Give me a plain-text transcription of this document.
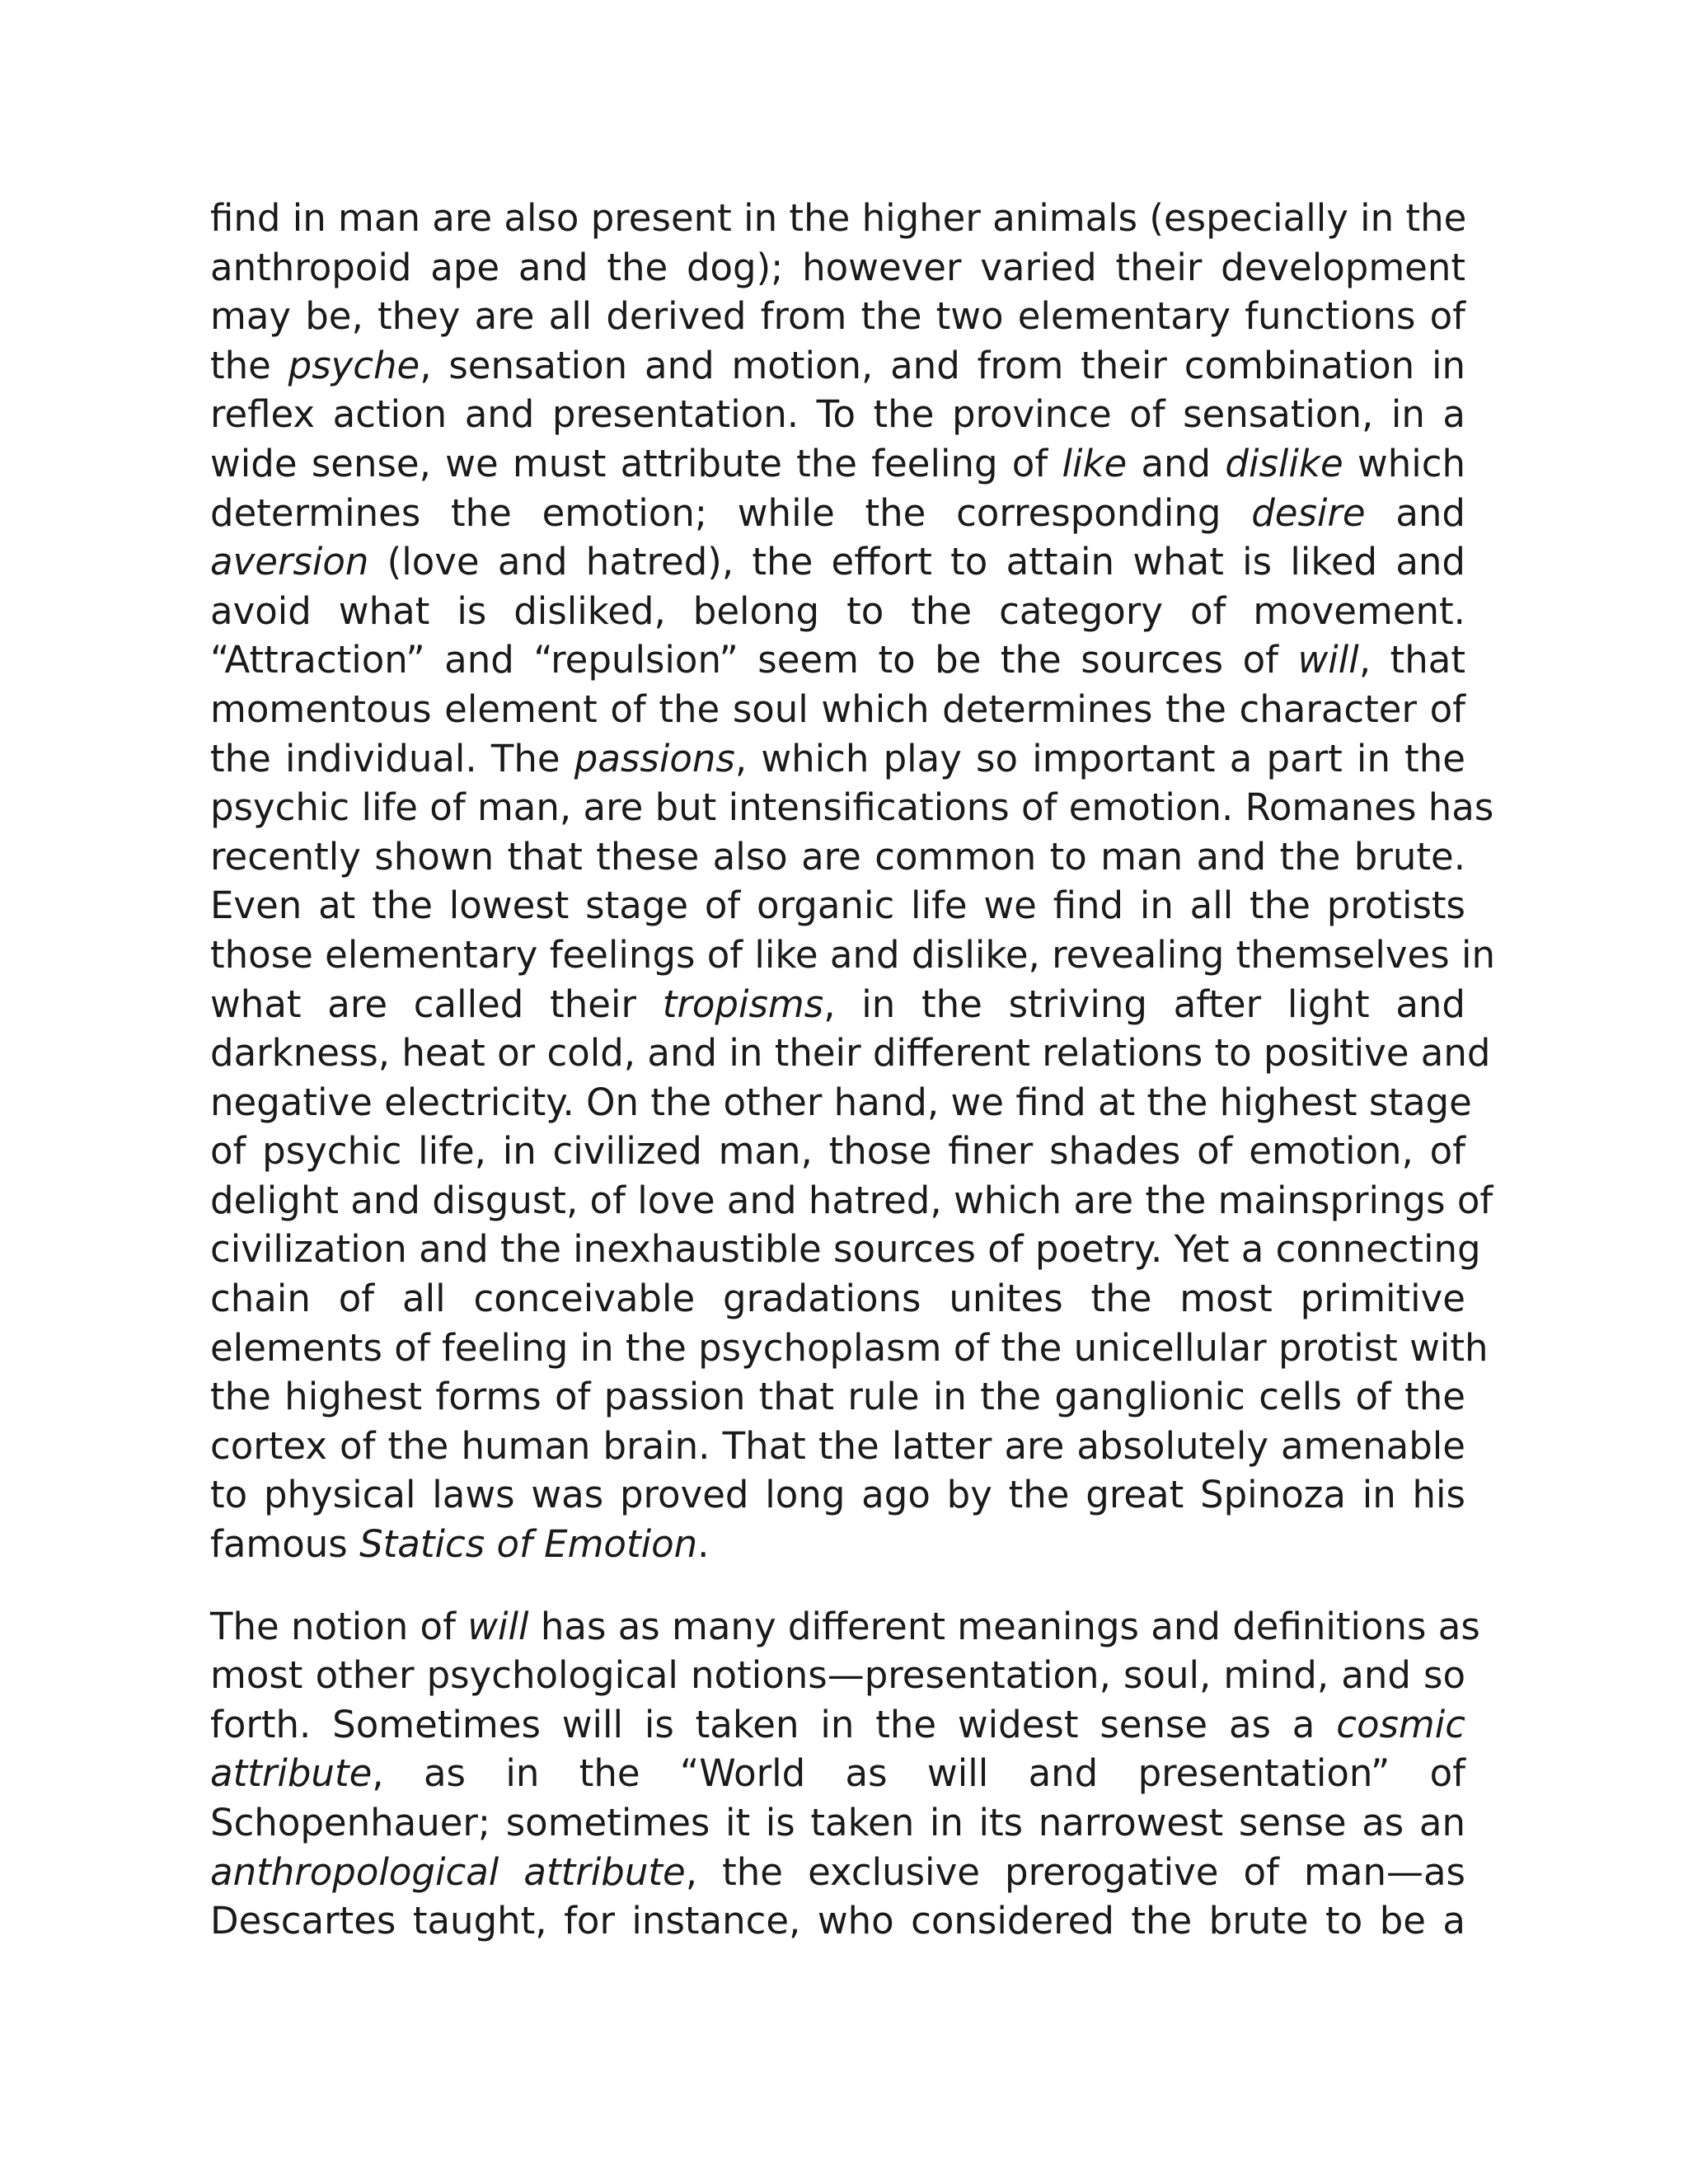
find in man are also present in the higher animals (especially in the
anthropoid ape and the dog); however varied their development
may be, they are all derived from the two elementary functions of
the psyche, sensation and motion, and from their combination in
reflex action and presentation. To the province of sensation, in a
wide sense, we must attribute the feeling of like and dislike which
determines the emotion; while the corresponding desire and
aversion (love and hatred), the effort to attain what is liked and
avoid what is disliked, belong to the category of movement.
“Attraction” and “repulsion” seem to be the sources of will, that
momentous element of the soul which determines the character of
the individual. The passions, which play so important a part in the
psychic life of man, are but intensifications of emotion. Romanes has
recently shown that these also are common to man and the brute.
Even at the lowest stage of organic life we find in all the protists
those elementary feelings of like and dislike, revealing themselves in
what are called their tropisms, in the striving after light and
darkness, heat or cold, and in their different relations to positive and
negative electricity. On the other hand, we find at the highest stage
of psychic life, in civilized man, those finer shades of emotion, of
delight and disgust, of love and hatred, which are the mainsprings of
civilization and the inexhaustible sources of poetry. Yet a connecting
chain of all conceivable gradations unites the most primitive
elements of feeling in the psychoplasm of the unicellular protist with
the highest forms of passion that rule in the ganglionic cells of the
cortex of the human brain. That the latter are absolutely amenable
to physical laws was proved long ago by the great Spinoza in his
famous Statics of Emotion.
The notion of will has as many different meanings and definitions as
most other psychological notions—presentation, soul, mind, and so
forth. Sometimes will is taken in the widest sense as a cosmic
attribute, as in the “World as will and presentation” of
Schopenhauer; sometimes it is taken in its narrowest sense as an
anthropological attribute, the exclusive prerogative of man—as
Descartes taught, for instance, who considered the brute to be a
